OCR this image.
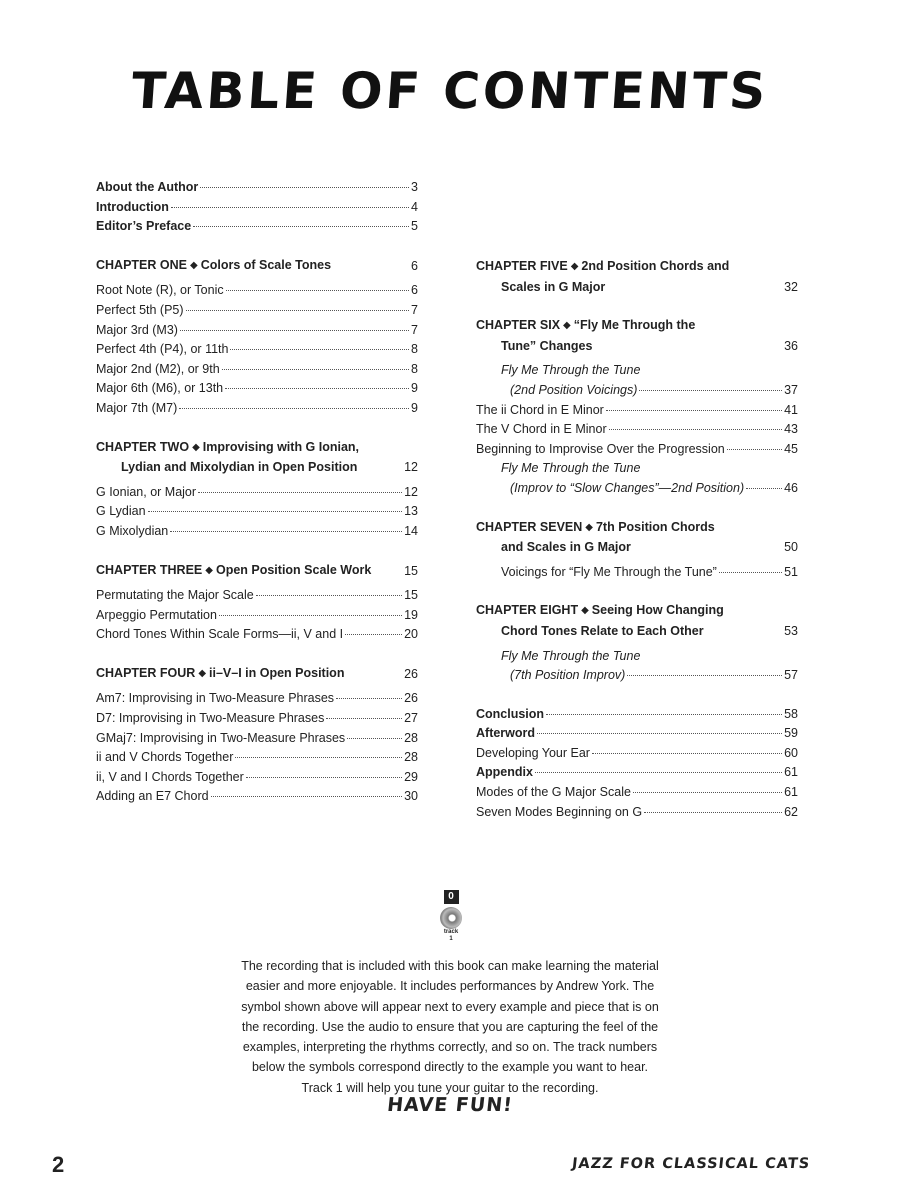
TABLE OF CONTENTS
About the Author	3
Introduction	4
Editor’s Preface	5
CHAPTER ONE ◆ Colors of Scale Tones	6
Root Note (R), or Tonic	6
Perfect 5th (P5)	7
Major 3rd (M3)	7
Perfect 4th (P4), or 11th	8
Major 2nd (M2), or 9th	8
Major 6th (M6), or 13th	9
Major 7th (M7)	9
CHAPTER TWO ◆ Improvising with G Ionian,
Lydian and Mixolydian in Open Position	12
G Ionian, or Major	12
G Lydian	13
G Mixolydian	14
CHAPTER THREE ◆ Open Position Scale Work	15
Permutating the Major Scale	15
Arpeggio Permutation	19
Chord Tones Within Scale Forms—ii, V and I	20
CHAPTER FOUR ◆ ii–V–I in Open Position	26
Am7: Improvising in Two-Measure Phrases	26
D7: Improvising in Two-Measure Phrases	27
GMaj7: Improvising in Two-Measure Phrases	28
ii and V Chords Together	28
ii, V and I Chords Together	29
Adding an E7 Chord	30
CHAPTER FIVE ◆ 2nd Position Chords and
Scales in G Major	32
CHAPTER SIX ◆ “Fly Me Through the
Tune” Changes	36
Fly Me Through the Tune
(2nd Position Voicings)	37
The ii Chord in E Minor	41
The V Chord in E Minor	43
Beginning to Improvise Over the Progression	45
Fly Me Through the Tune
(Improv to “Slow Changes”—2nd Position)	46
CHAPTER SEVEN ◆ 7th Position Chords
and Scales in G Major	50
Voicings for “Fly Me Through the Tune”	51
CHAPTER EIGHT ◆ Seeing How Changing
Chord Tones Relate to Each Other	53
Fly Me Through the Tune
(7th Position Improv)	57
Conclusion	58
Afterword	59
Developing Your Ear	60
Appendix	61
Modes of the G Major Scale	61
Seven Modes Beginning on G	62
0
track
1
The recording that is included with this book can make learning the material
easier and more enjoyable. It includes performances by Andrew York. The
symbol shown above will appear next to every example and piece that is on
the recording. Use the audio to ensure that you are capturing the feel of the
examples, interpreting the rhythms correctly, and so on. The track numbers
below the symbols correspond directly to the example you want to hear.
Track 1 will help you tune your guitar to the recording.
HAVE FUN!
2	JAZZ FOR CLASSICAL CATS
